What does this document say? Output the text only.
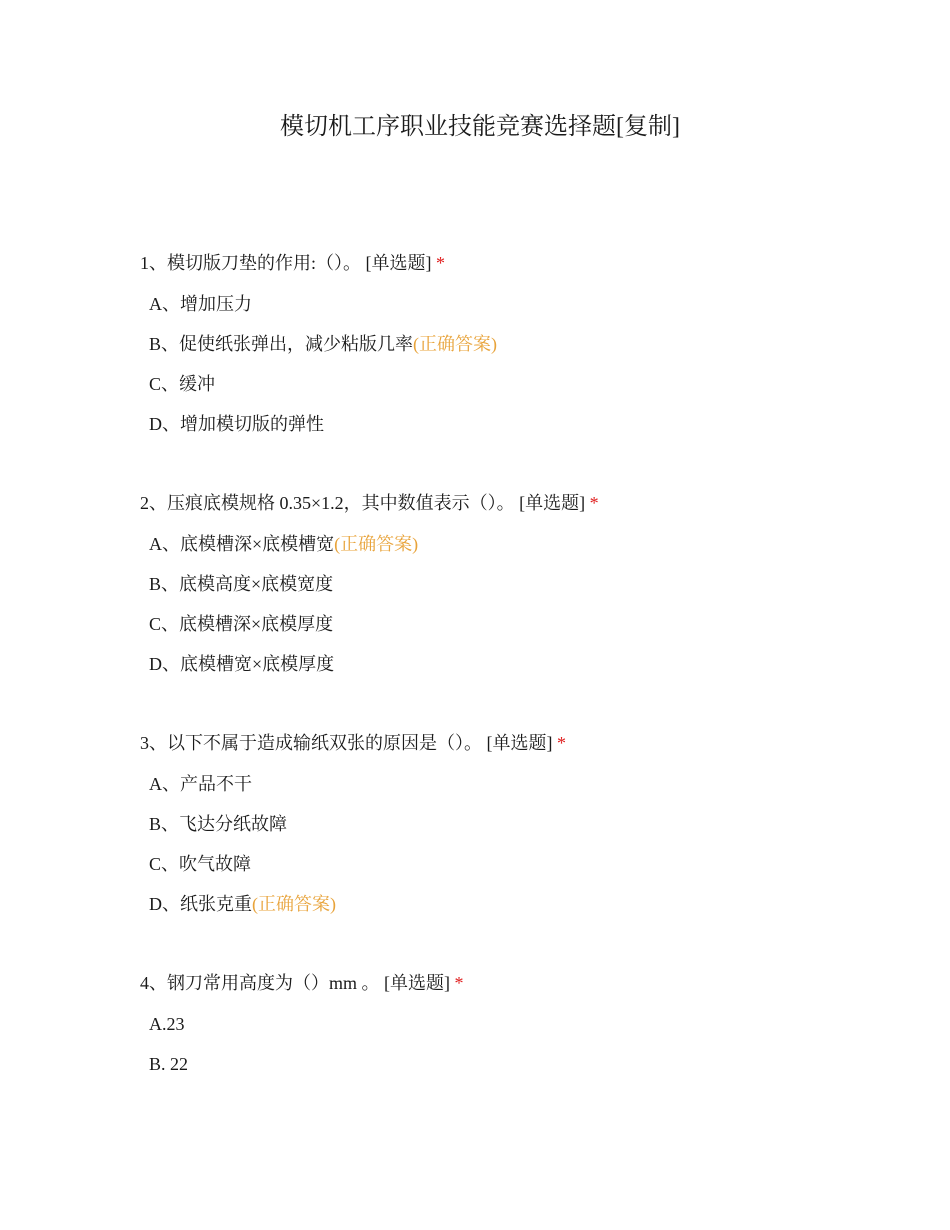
模切机工序职业技能竞赛选择题[复制]
1、模切版刀垫的作用:（）。 [单选题] *
A、增加压力
B、促使纸张弹出，减少粘版几率(正确答案)
C、缓冲
D、增加模切版的弹性
2、压痕底模规格 0.35×1.2，其中数值表示（）。 [单选题] *
A、底模槽深×底模槽宽(正确答案)
B、底模高度×底模宽度
C、底模槽深×底模厚度
D、底模槽宽×底模厚度
3、以下不属于造成输纸双张的原因是（）。 [单选题] *
A、产品不干
B、飞达分纸故障
C、吹气故障
D、纸张克重(正确答案)
4、钢刀常用高度为（）mm 。 [单选题] *
A.23
B. 22
